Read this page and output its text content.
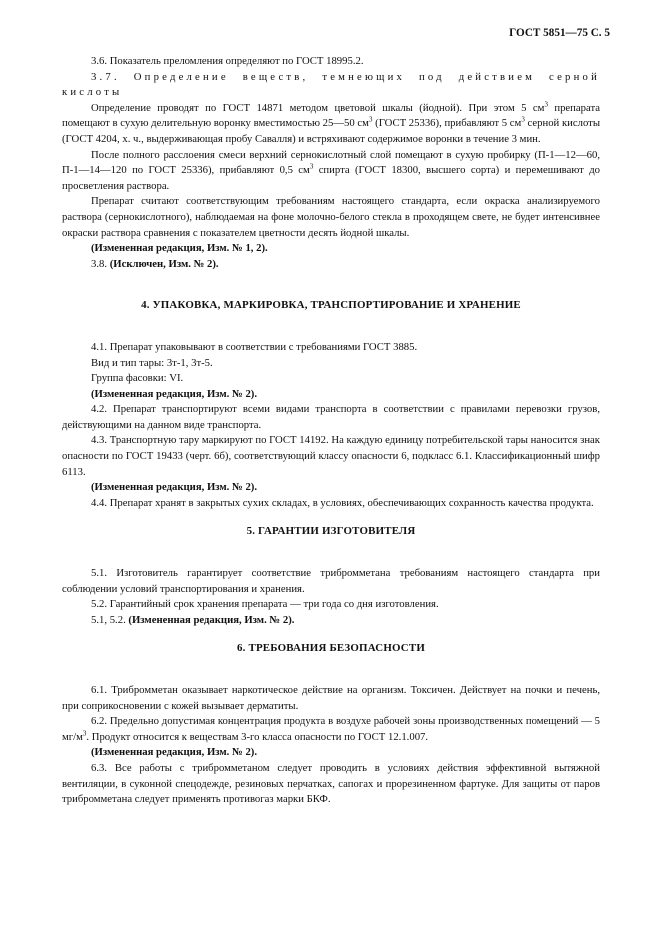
ГОСТ 5851—75 С. 5

3.6. Показатель преломления определяют по ГОСТ 18995.2.

3.7. Определение веществ, темнеющих под действием серной кислоты

Определение проводят по ГОСТ 14871 методом цветовой шкалы (йодной). При этом 5 $см^3$ препарата помещают в сухую делительную воронку вместимостью 25—50 $см^3$ (ГОСТ 25336), прибавляют 5 $см^3$ серной кислоты (ГОСТ 4204, х. ч., выдерживающая пробу Савалля) и встряхивают содержимое воронки в течение 3 мин.

После полного расслоения смеси верхний сернокислотный слой помещают в сухую пробирку (П-1—12—60, П-1—14—120 по ГОСТ 25336), прибавляют 0,5 $см^3$ спирта (ГОСТ 18300, высшего сорта) и перемешивают до просветления раствора.

Препарат считают соответствующим требованиям настоящего стандарта, если окраска анализируемого раствора (сернокислотного), наблюдаемая на фоне молочно-белого стекла в проходящем свете, не будет интенсивнее окраски раствора сравнения с показателем цветности десять йодной шкалы.

(Измененная редакция, Изм. № 1, 2).

3.8. (Исключен, Изм. № 2).

4. УПАКОВКА, МАРКИРОВКА, ТРАНСПОРТИРОВАНИЕ И ХРАНЕНИЕ

4.1. Препарат упаковывают в соответствии с требованиями ГОСТ 3885.

Вид и тип тары: 3т-1, 3т-5.

Группа фасовки: VI.

(Измененная редакция, Изм. № 2).

4.2. Препарат транспортируют всеми видами транспорта в соответствии с правилами перевозки грузов, действующими на данном виде транспорта.

4.3. Транспортную тару маркируют по ГОСТ 14192. На каждую единицу потребительской тары наносится знак опасности по ГОСТ 19433 (черт. 6б), соответствующий классу опасности 6, подкласс 6.1. Классификационный шифр 6113.

(Измененная редакция, Изм. № 2).

4.4. Препарат хранят в закрытых сухих складах, в условиях, обеспечивающих сохранность качества продукта.

5. ГАРАНТИИ ИЗГОТОВИТЕЛЯ

5.1. Изготовитель гарантирует соответствие трибромметана требованиям настоящего стандарта при соблюдении условий транспортирования и хранения.

5.2. Гарантийный срок хранения препарата — три года со дня изготовления.

5.1, 5.2. (Измененная редакция, Изм. № 2).

6. ТРЕБОВАНИЯ БЕЗОПАСНОСТИ

6.1. Трибромметан оказывает наркотическое действие на организм. Токсичен. Действует на почки и печень, при соприкосновении с кожей вызывает дерматиты.

6.2. Предельно допустимая концентрация продукта в воздухе рабочей зоны производственных помещений — 5 $мг/м^3$. Продукт относится к веществам 3-го класса опасности по ГОСТ 12.1.007.

(Измененная редакция, Изм. № 2).

6.3. Все работы с трибромметаном следует проводить в условиях действия эффективной вытяжной вентиляции, в суконной спецодежде, резиновых перчатках, сапогах и прорезиненном фартуке. Для защиты от паров трибромметана следует применять противогаз марки БКФ.
